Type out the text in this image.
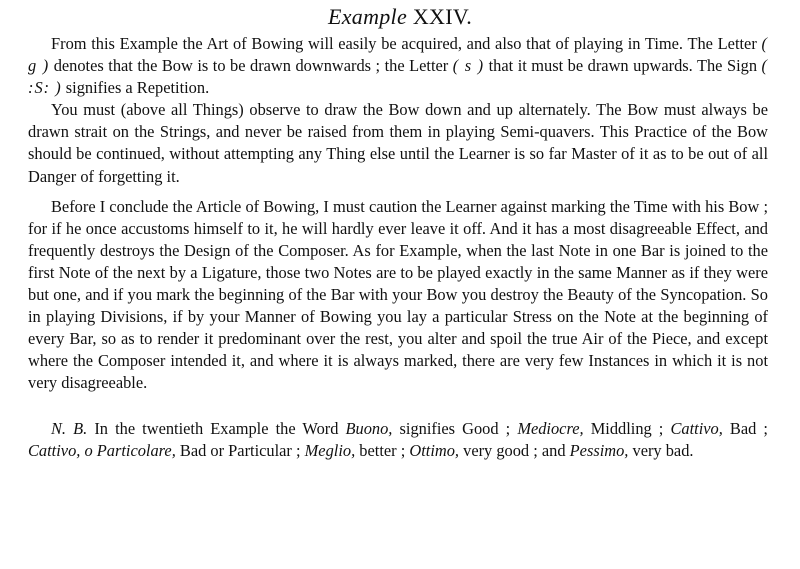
Example XXIV.

From this Example the Art of Bowing will easily be acquired, and also that of playing in Time. The Letter ( g ) denotes that the Bow is to be drawn downwards ; the Letter ( s ) that it must be drawn upwards. The Sign ( :S: ) signifies a Repetition.

You must (above all Things) observe to draw the Bow down and up alternately. The Bow must always be drawn strait on the Strings, and never be raised from them in playing Semi-quavers. This Practice of the Bow should be continued, without attempting any Thing else until the Learner is so far Master of it as to be out of all Danger of forgetting it.

Before I conclude the Article of Bowing, I must caution the Learner against marking the Time with his Bow ; for if he once accustoms himself to it, he will hardly ever leave it off. And it has a most disagreeable Effect, and frequently destroys the Design of the Composer. As for Example, when the last Note in one Bar is joined to the first Note of the next by a Ligature, those two Notes are to be played exactly in the same Manner as if they were but one, and if you mark the beginning of the Bar with your Bow you destroy the Beauty of the Syncopation. So in playing Divisions, if by your Manner of Bowing you lay a particular Stress on the Note at the beginning of every Bar, so as to render it predominant over the rest, you alter and spoil the true Air of the Piece, and except where the Composer intended it, and where it is always marked, there are very few Instances in which it is not very disagreeable.

N. B. In the twentieth Example the Word Buono, signifies Good ; Mediocre, Middling ; Cattivo, Bad ; Cattivo, o Particolare, Bad or Particular ; Meglio, better ; Ottimo, very good ; and Pessimo, very bad.
